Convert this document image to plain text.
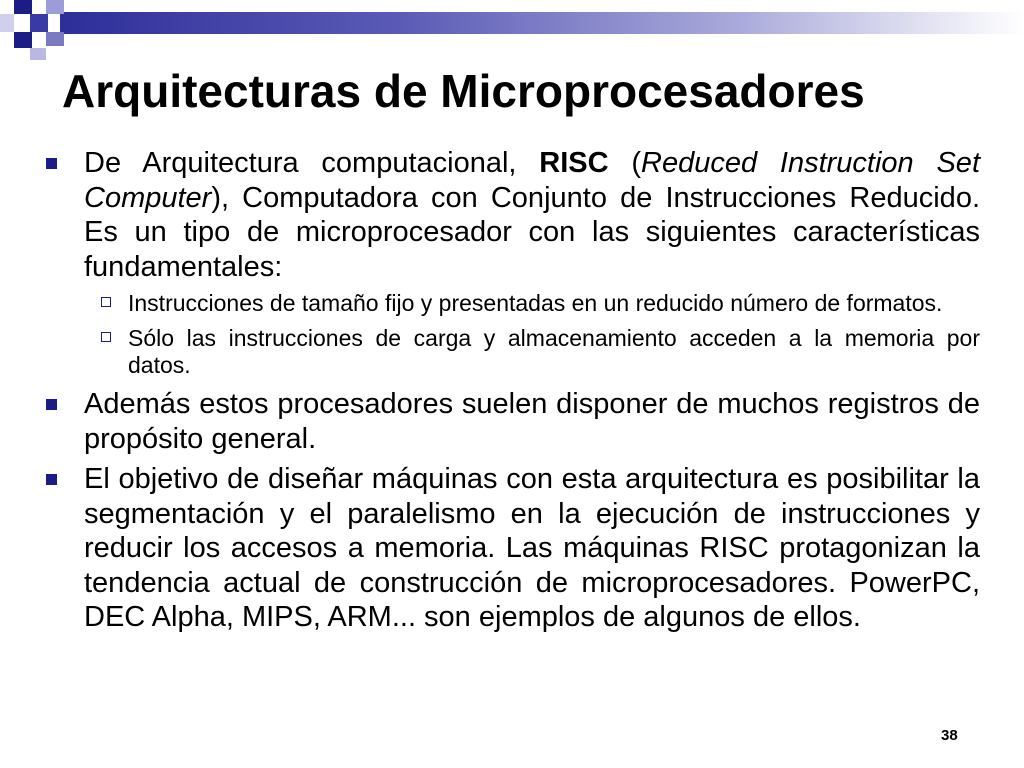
Arquitecturas de Microprocesadores
De Arquitectura computacional, RISC (Reduced Instruction Set Computer), Computadora con Conjunto de Instrucciones Reducido. Es un tipo de microprocesador con las siguientes características fundamentales:
Instrucciones de tamaño fijo y presentadas en un reducido número de formatos.
Sólo las instrucciones de carga y almacenamiento acceden a la memoria por datos.
Además estos procesadores suelen disponer de muchos registros de propósito general.
El objetivo de diseñar máquinas con esta arquitectura es posibilitar la segmentación y el paralelismo en la ejecución de instrucciones y reducir los accesos a memoria. Las máquinas RISC protagonizan la tendencia actual de construcción de microprocesadores. PowerPC, DEC Alpha, MIPS, ARM... son ejemplos de algunos de ellos.
38
